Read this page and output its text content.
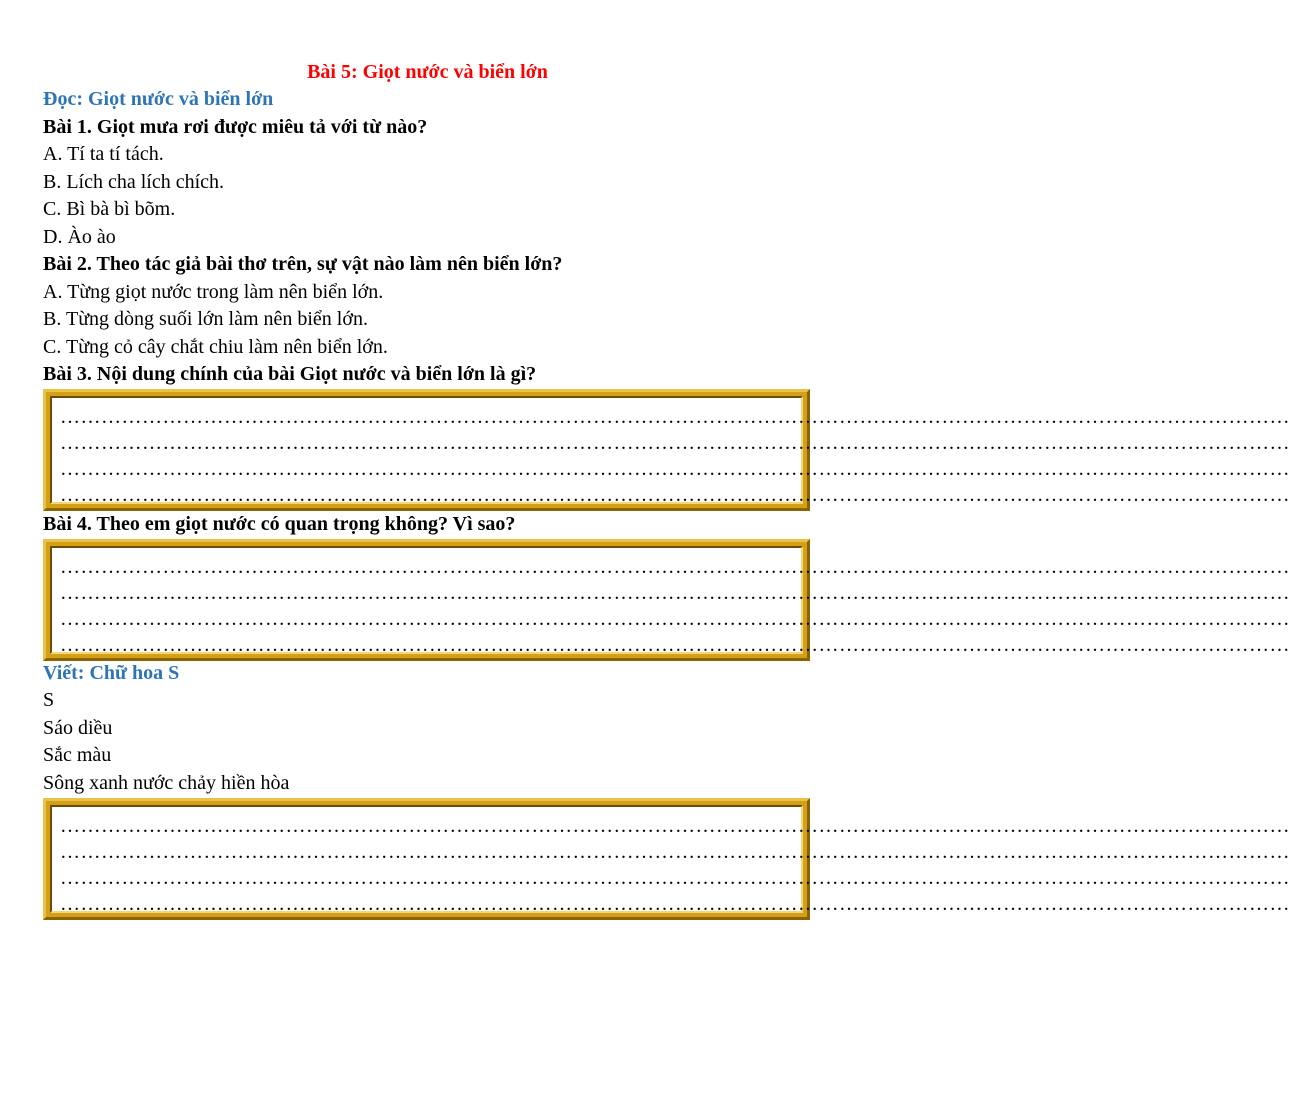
Bài 5: Giọt nước và biển lớn
Đọc: Giọt nước và biển lớn
Bài 1. Giọt mưa rơi được miêu tả với từ nào?
A. Tí ta tí tách.
B. Lích cha lích chích.
C. Bì bà bì bõm.
D. Ào ào
Bài 2. Theo tác giả bài thơ trên, sự vật nào làm nên biển lớn?
A. Từng giọt nước trong làm nên biển lớn.
B. Từng dòng suối lớn làm nên biển lớn.
C. Từng cỏ cây chắt chiu làm nên biển lớn.
Bài 3. Nội dung chính của bài Giọt nước và biển lớn là gì?
………………………………………………………………………………………………………………………………………………………………
………………………………………………………………………………………………………………………………………………………………
………………………………………………………………………………………………………………………………………………………………
………………………………………………………………………………………………………………………………………………………………
Bài 4. Theo em giọt nước có quan trọng không? Vì sao?
………………………………………………………………………………………………………………………………………………………………
………………………………………………………………………………………………………………………………………………………………
………………………………………………………………………………………………………………………………………………………………
………………………………………………………………………………………………………………………………………………………………
Viết: Chữ hoa S
S
Sáo diều
Sắc màu
Sông xanh nước chảy hiền hòa
………………………………………………………………………………………………………………………………………………………………
………………………………………………………………………………………………………………………………………………………………
………………………………………………………………………………………………………………………………………………………………
………………………………………………………………………………………………………………………………………………………………
